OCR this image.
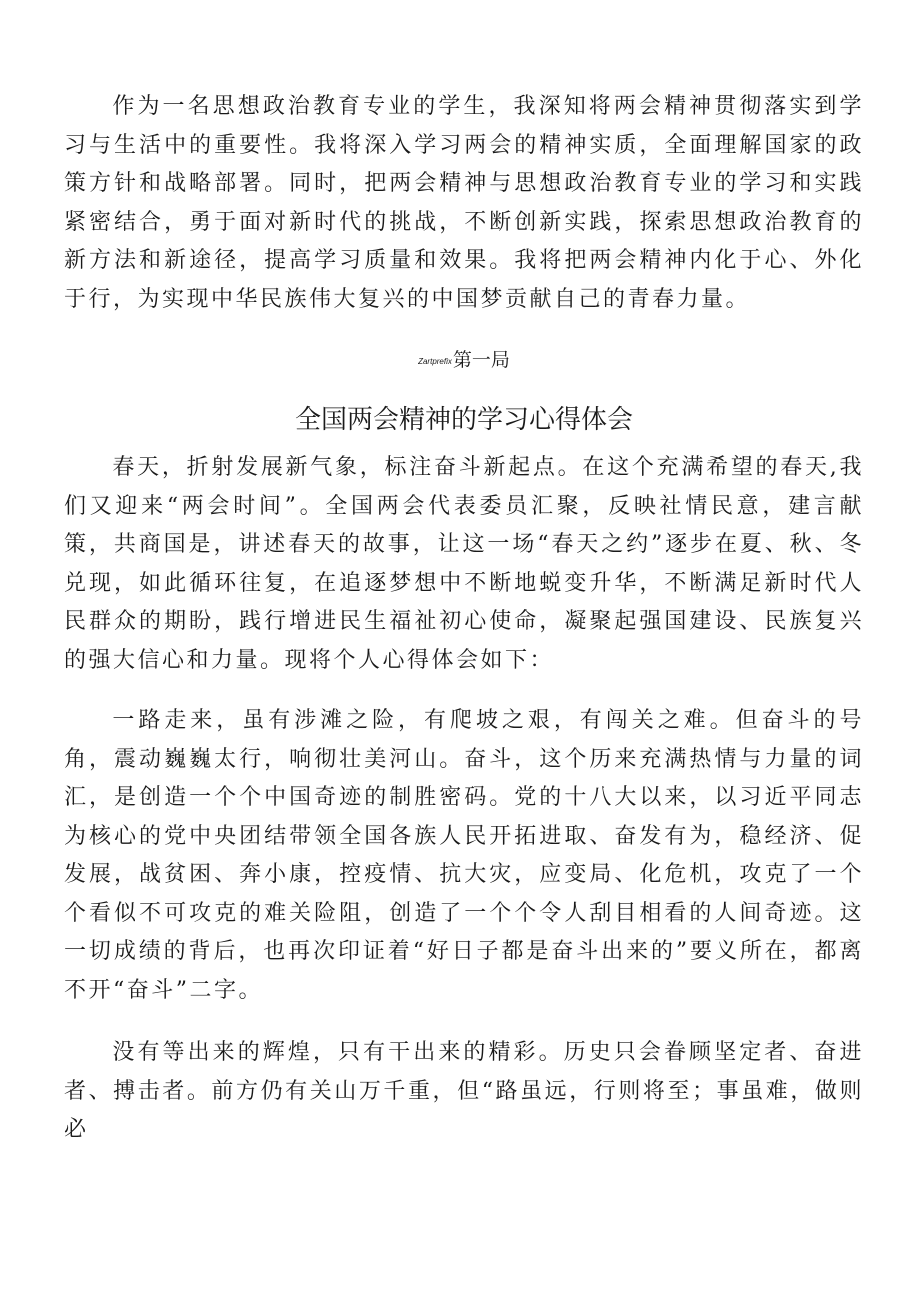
作为一名思想政治教育专业的学生，我深知将两会精神贯彻落实到学习与生活中的重要性。我将深入学习两会的精神实质，全面理解国家的政策方针和战略部署。同时，把两会精神与思想政治教育专业的学习和实践紧密结合，勇于面对新时代的挑战，不断创新实践，探索思想政治教育的新方法和新途径，提高学习质量和效果。我将把两会精神内化于心、外化于行，为实现中华民族伟大复兴的中国梦贡献自己的青春力量。

Zartprefix第一局
全国两会精神的学习心得体会

春天，折射发展新气象，标注奋斗新起点。在这个充满希望的春天,我们又迎来“两会时间”。全国两会代表委员汇聚，反映社情民意，建言献策，共商国是，讲述春天的故事，让这一场“春天之约”逐步在夏、秋、冬兑现，如此循环往复，在追逐梦想中不断地蜕变升华，不断满足新时代人民群众的期盼，践行增进民生福祉初心使命，凝聚起强国建设、民族复兴的强大信心和力量。现将个人心得体会如下：

一路走来，虽有涉滩之险，有爬坡之艰，有闯关之难。但奋斗的号角，震动巍巍太行，响彻壮美河山。奋斗，这个历来充满热情与力量的词汇，是创造一个个中国奇迹的制胜密码。党的十八大以来，以习近平同志为核心的党中央团结带领全国各族人民开拓进取、奋发有为，稳经济、促发展，战贫困、奔小康，控疫情、抗大灾，应变局、化危机，攻克了一个个看似不可攻克的难关险阻，创造了一个个令人刮目相看的人间奇迹。这一切成绩的背后，也再次印证着“好日子都是奋斗出来的”要义所在，都离不开“奋斗”二字。

没有等出来的辉煌，只有干出来的精彩。历史只会眷顾坚定者、奋进者、搏击者。前方仍有关山万千重，但“路虽远，行则将至；事虽难，做则必
